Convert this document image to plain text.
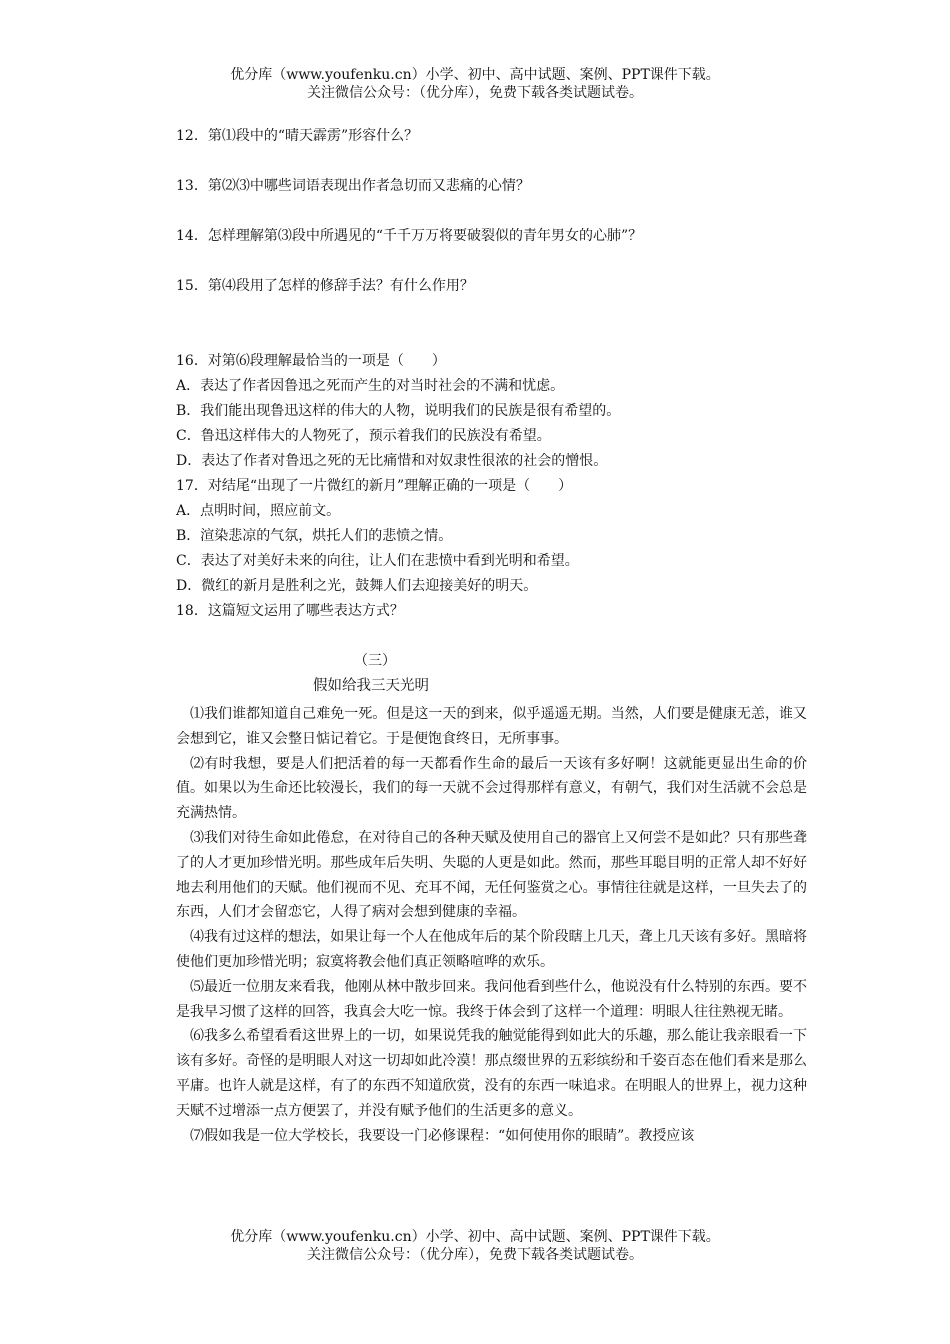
优分库（www.youfenku.cn）小学、初中、高中试题、案例、PPT课件下载。
关注微信公众号：（优分库），免费下载各类试题试卷。
12．第⑴段中的“晴天霹雳”形容什么？
13．第⑵⑶中哪些词语表现出作者急切而又悲痛的心情？
14．怎样理解第⑶段中所遇见的“千千万万将要破裂似的青年男女的心肺”？
15．第⑷段用了怎样的修辞手法？有什么作用？
16．对第⑹段理解最恰当的一项是（　　）
A．表达了作者因鲁迅之死而产生的对当时社会的不满和忧虑。
B．我们能出现鲁迅这样的伟大的人物，说明我们的民族是很有希望的。
C．鲁迅这样伟大的人物死了，预示着我们的民族没有希望。
D．表达了作者对鲁迅之死的无比痛惜和对奴隶性很浓的社会的憎恨。
17．对结尾“出现了一片微红的新月”理解正确的一项是（　　）
A．点明时间，照应前文。
B．渲染悲凉的气氛，烘托人们的悲愤之情。
C．表达了对美好未来的向往，让人们在悲愤中看到光明和希望。
D．微红的新月是胜利之光，鼓舞人们去迎接美好的明天。
18．这篇短文运用了哪些表达方式？
（三）
假如给我三天光明

⑴我们谁都知道自己难免一死。但是这一天的到来，似乎遥遥无期。当然，人们要是健康无恙，谁又会想到它，谁又会整日惦记着它。于是便饱食终日，无所事事。

⑵有时我想，要是人们把活着的每一天都看作生命的最后一天该有多好啊！这就能更显出生命的价值。如果以为生命还比较漫长，我们的每一天就不会过得那样有意义，有朝气，我们对生活就不会总是充满热情。

⑶我们对待生命如此倦怠，在对待自己的各种天赋及使用自己的器官上又何尝不是如此？只有那些聋了的人才更加珍惜光明。那些成年后失明、失聪的人更是如此。然而，那些耳聪目明的正常人却不好好地去利用他们的天赋。他们视而不见、充耳不闻，无任何鉴赏之心。事情往往就是这样，一旦失去了的东西，人们才会留恋它，人得了病对会想到健康的幸福。

⑷我有过这样的想法，如果让每一个人在他成年后的某个阶段瞎上几天，聋上几天该有多好。黑暗将使他们更加珍惜光明；寂寞将教会他们真正领略喧哗的欢乐。

⑸最近一位朋友来看我，他刚从林中散步回来。我问他看到些什么，他说没有什么特别的东西。要不是我早习惯了这样的回答，我真会大吃一惊。我终于体会到了这样一个道理：明眼人往往熟视无睹。

⑹我多么希望看看这世界上的一切，如果说凭我的触觉能得到如此大的乐趣，那么能让我亲眼看一下该有多好。奇怪的是明眼人对这一切却如此冷漠！那点缀世界的五彩缤纷和千姿百态在他们看来是那么平庸。也许人就是这样，有了的东西不知道欣赏，没有的东西一味追求。在明眼人的世界上，视力这种天赋不过增添一点方便罢了，并没有赋予他们的生活更多的意义。

⑺假如我是一位大学校长，我要设一门必修课程：“如何使用你的眼睛”。教授应该

优分库（www.youfenku.cn）小学、初中、高中试题、案例、PPT课件下载。
关注微信公众号：（优分库），免费下载各类试题试卷。
